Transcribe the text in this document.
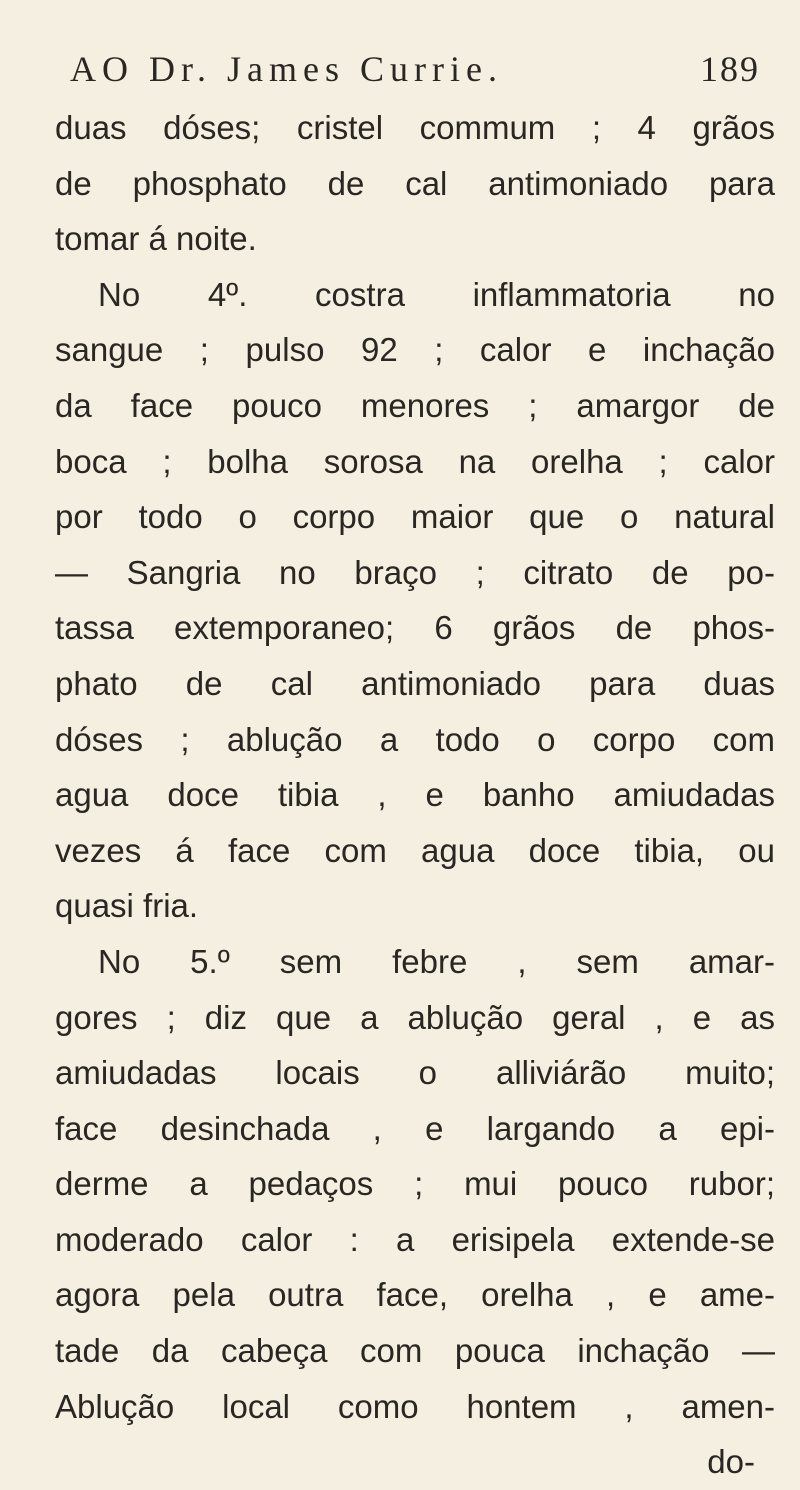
AO Dr. James Currie.	189
duas dóses; cristel commum ; 4 grãos
de phosphato de cal antimoniado para
tomar á noite.
No 4º. costra inflammatoria no
sangue ; pulso 92 ; calor e inchação
da face pouco menores ; amargor de
boca ; bolha sorosa na orelha ; calor
por todo o corpo maior que o natural
— Sangria no braço ; citrato de po-
tassa extemporaneo; 6 grãos de phos-
phato de cal antimoniado para duas
dóses ; ablução a todo o corpo com
agua doce tibia , e banho amiudadas
vezes á face com agua doce tibia, ou
quasi fria.
No 5.º sem febre , sem amar-
gores ; diz que a ablução geral , e as
amiudadas locais o alliviárão muito;
face desinchada , e largando a epi-
derme a pedaços ; mui pouco rubor;
moderado calor : a erisipela extende-se
agora pela outra face, orelha , e ame-
tade da cabeça com pouca inchação —
Ablução local como hontem , amen-
do-
